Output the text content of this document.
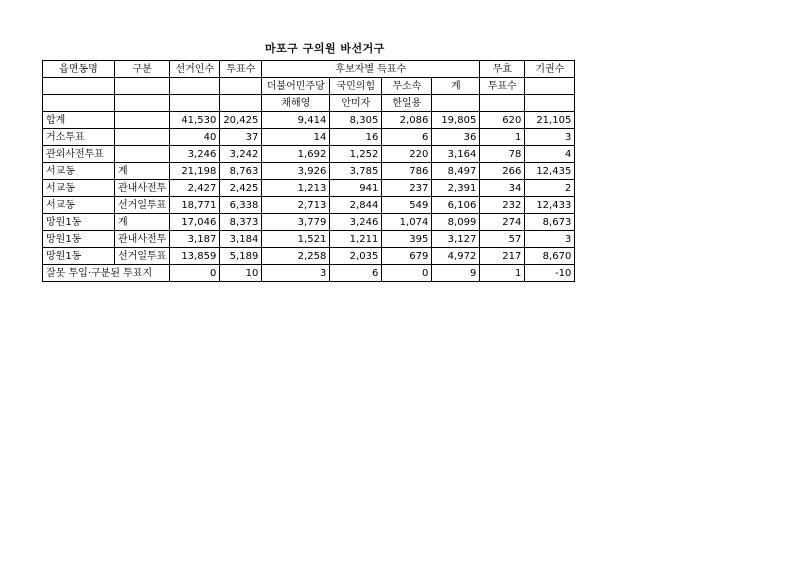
마포구 구의원 바선거구
읍면동명	구분	선거인수	투표수	후보자별 득표수				무효	기권수
				더불어민주당	국민의힘	무소속	계	투표수	
				채해영	안미자	한일용			
합계		41,530	20,425	9,414	8,305	2,086	19,805	620	21,105
거소투표		40	37	14	16	6	36	1	3
관외사전투표		3,246	3,242	1,692	1,252	220	3,164	78	4
서교동	계	21,198	8,763	3,926	3,785	786	8,497	266	12,435
서교동	관내사전투	2,427	2,425	1,213	941	237	2,391	34	2
서교동	선거일투표	18,771	6,338	2,713	2,844	549	6,106	232	12,433
망원1동	계	17,046	8,373	3,779	3,246	1,074	8,099	274	8,673
망원1동	관내사전투	3,187	3,184	1,521	1,211	395	3,127	57	3
망원1동	선거일투표	13,859	5,189	2,258	2,035	679	4,972	217	8,670
잘못 투입·구분된 투표지		0	10	3	6	0	9	1	-10
